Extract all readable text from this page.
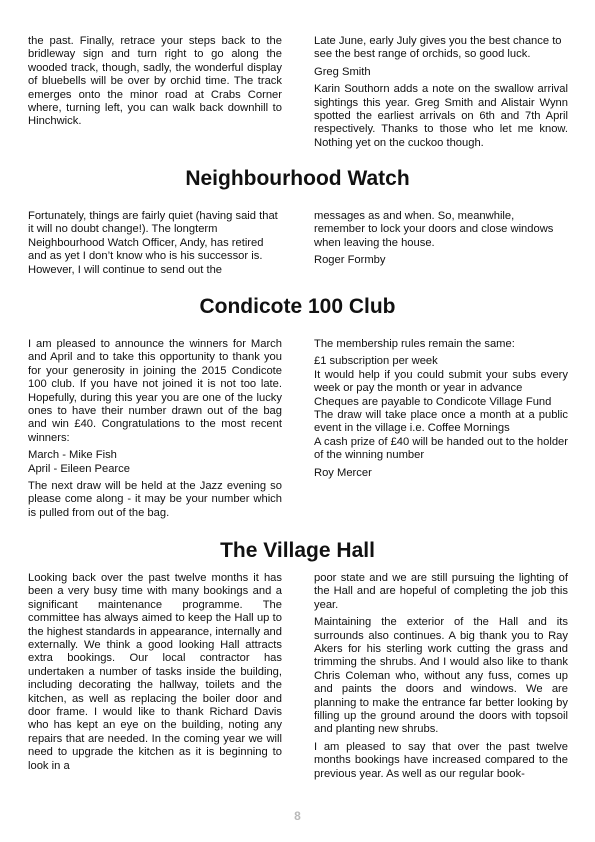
the past. Finally, retrace your steps back to the bridleway sign and turn right to go along the wooded track, though, sadly, the wonderful display of bluebells will be over by orchid time. The track emerges onto the minor road at Crabs Corner where, turning left, you can walk back downhill to Hinchwick.

Late June, early July gives you the best chance to see the best range of orchids, so good luck.

Greg Smith

Karin Southorn adds a note on the swallow arrival sightings this year. Greg Smith and Alistair Wynn spotted the earliest arrivals on 6th and 7th April respectively. Thanks to those who let me know. Nothing yet on the cuckoo though.

Neighbourhood Watch

Fortunately, things are fairly quiet (having said that it will no doubt change!). The longterm Neighbourhood Watch Officer, Andy, has retired and as yet I don’t know who is his successor is. However, I will continue to send out the

messages as and when. So, meanwhile, remember to lock your doors and close windows when leaving the house.

Roger Formby

Condicote 100 Club

I am pleased to announce the winners for March and April and to take this opportunity to thank you for your generosity in joining the 2015 Condicote 100 club. If you have not joined it is not too late. Hopefully, during this year you are one of the lucky ones to have their number drawn out of the bag and win £40. Congratulations to the most recent winners:

March - Mike Fish

April - Eileen Pearce

The next draw will be held at the Jazz evening so please come along - it may be your number which is pulled from out of the bag.

The membership rules remain the same:

£1 subscription per week

It would help if you could submit your subs every week or pay the month or year in advance

Cheques are payable to Condicote Village Fund

The draw will take place once a month at a public event in the village i.e. Coffee Mornings

A cash prize of £40 will be handed out to the holder of the winning number

Roy Mercer

The Village Hall

Looking back over the past twelve months it has been a very busy time with many bookings and a significant maintenance programme. The committee has always aimed to keep the Hall up to the highest standards in appearance, internally and externally. We think a good looking Hall attracts extra bookings. Our local contractor has undertaken a number of tasks inside the building, including decorating the hallway, toilets and the kitchen, as well as replacing the boiler door and door frame. I would like to thank Richard Davis who has kept an eye on the building, noting any repairs that are needed. In the coming year we will need to upgrade the kitchen as it is beginning to look in a

poor state and we are still pursuing the lighting of the Hall and are hopeful of completing the job this year.

Maintaining the exterior of the Hall and its surrounds also continues. A big thank you to Ray Akers for his sterling work cutting the grass and trimming the shrubs. And I would also like to thank Chris Coleman who, without any fuss, comes up and paints the doors and windows. We are planning to make the entrance far better looking by filling up the ground around the doors with topsoil and planting new shrubs.

I am pleased to say that over the past twelve months bookings have increased compared to the previous year. As well as our regular book-

8
